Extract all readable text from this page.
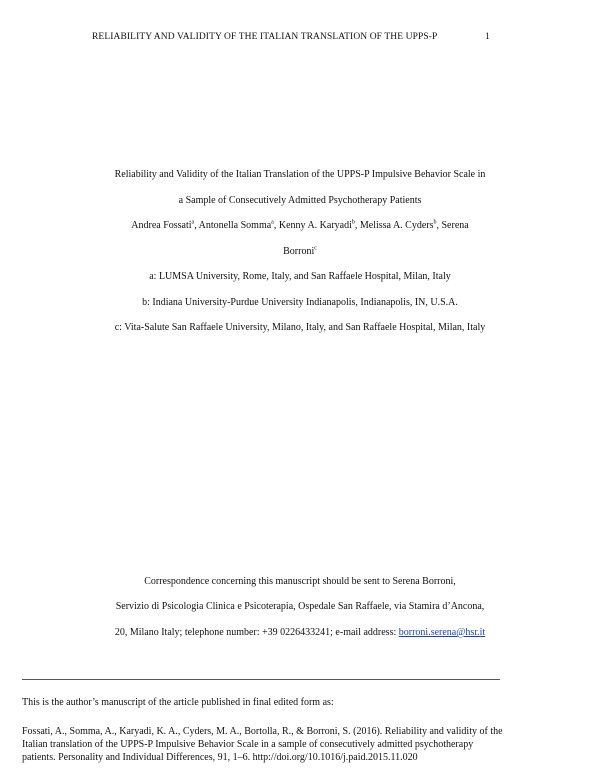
RELIABILITY AND VALIDITY OF THE ITALIAN TRANSLATION OF THE UPPS-P	1
Reliability and Validity of the Italian Translation of the UPPS-P Impulsive Behavior Scale in
a Sample of Consecutively Admitted Psychotherapy Patients
Andrea Fossati$^a$, Antonella Somma$^a$, Kenny A. Karyadi$^b$, Melissa A. Cyders$^b$, Serena
Borroni$^c$
a: LUMSA University, Rome, Italy, and San Raffaele Hospital, Milan, Italy
b: Indiana University-Purdue University Indianapolis, Indianapolis, IN, U.S.A.
c: Vita-Salute San Raffaele University, Milano, Italy, and San Raffaele Hospital, Milan, Italy
Correspondence concerning this manuscript should be sent to Serena Borroni,
Servizio di Psicologia Clinica e Psicoterapia, Ospedale San Raffaele, via Stamira d’Ancona,
20, Milano Italy; telephone number: +39 0226433241; e-mail address: borroni.serena@hsr.it
This is the author’s manuscript of the article published in final edited form as:
Fossati, A., Somma, A., Karyadi, K. A., Cyders, M. A., Bortolla, R., & Borroni, S. (2016). Reliability and validity of the
Italian translation of the UPPS-P Impulsive Behavior Scale in a sample of consecutively admitted psychotherapy
patients. Personality and Individual Differences, 91, 1–6. http://doi.org/10.1016/j.paid.2015.11.020
